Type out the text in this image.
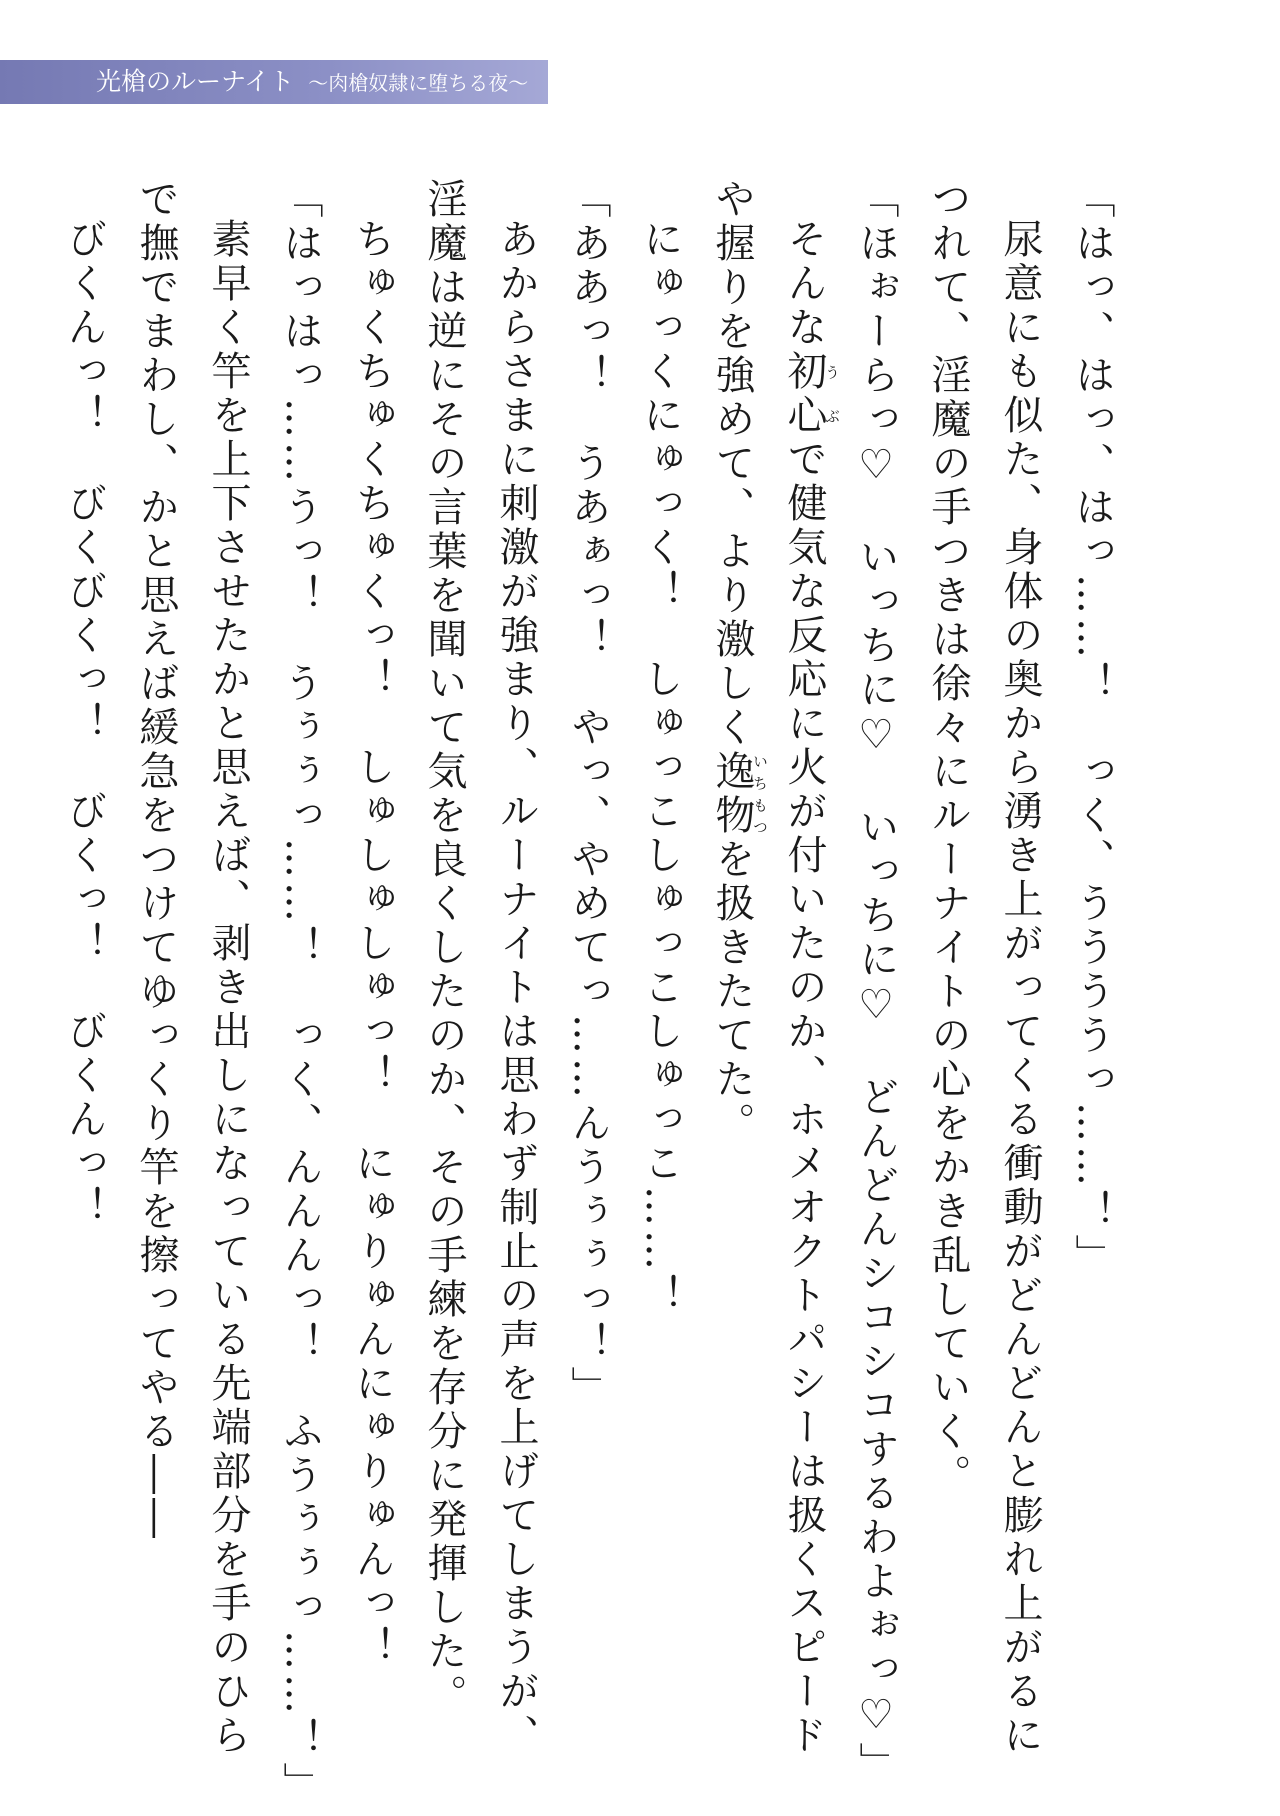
光槍のルーナイト 〜肉槍奴隷に堕ちる夜〜

「はっ、はっ、はっ……！　っく、ううううっ……！」

尿意にも似た、身体の奥から湧き上がってくる衝動がどんどんと膨れ上がるに

つれて、淫魔の手つきは徐々にルーナイトの心をかき乱していく。

「ほぉーらっ♡　いっちに♡　いっちに♡　どんどんシコシコするわよぉっ♡」

そんな初心うぶで健気な反応に火が付いたのか、ホメオクトパシーは扱くスピード

や握りを強めて、より激しく逸物いちもつを扱きたてた。

にゅっくにゅっく！　しゅっこしゅっこしゅっこ……！

「ああっ！　うあぁっ！　やっ、やめてっ……んうぅぅっ！」

あからさまに刺激が強まり、ルーナイトは思わず制止の声を上げてしまうが、

淫魔は逆にその言葉を聞いて気を良くしたのか、その手練を存分に発揮した。

ちゅくちゅくちゅくっ！　しゅしゅしゅっ！　にゅりゅんにゅりゅんっ！

「はっはっ……うっ！　うぅぅっ……！　っく、んんんっ！　ふうぅぅっ……！」

素早く竿を上下させたかと思えば、剥き出しになっている先端部分を手のひら

で撫でまわし、かと思えば緩急をつけてゆっくり竿を擦ってやる――

びくんっ！　びくびくっ！　びくっ！　びくんっ！
